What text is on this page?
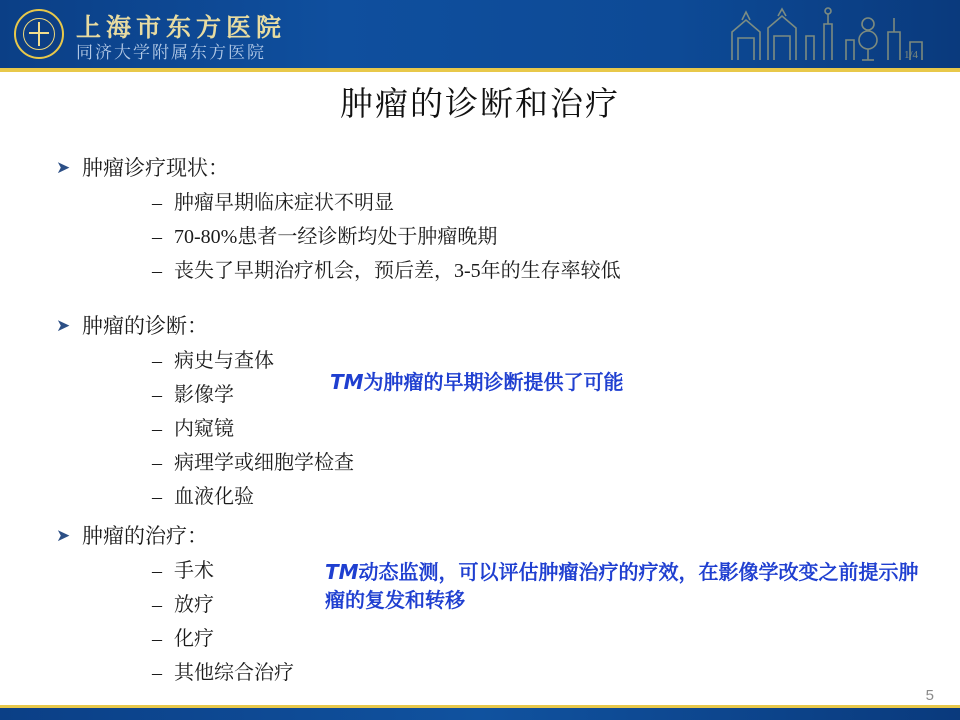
上海市东方医院
同济大学附属东方医院	1/4
肿瘤的诊断和治疗
➤ 肿瘤诊疗现状：
– 肿瘤早期临床症状不明显
– 70-80%患者一经诊断均处于肿瘤晚期
– 丧失了早期治疗机会，预后差，3-5年的生存率较低
➤ 肿瘤的诊断：
– 病史与查体
– 影像学
– 内窥镜
– 病理学或细胞学检查
– 血液化验
➤ 肿瘤的治疗：
– 手术
– 放疗
– 化疗
– 其他综合治疗
TM为肿瘤的早期诊断提供了可能
TM动态监测，可以评估肿瘤治疗的疗效，在影像学改变之前提示肿瘤的复发和转移
5
